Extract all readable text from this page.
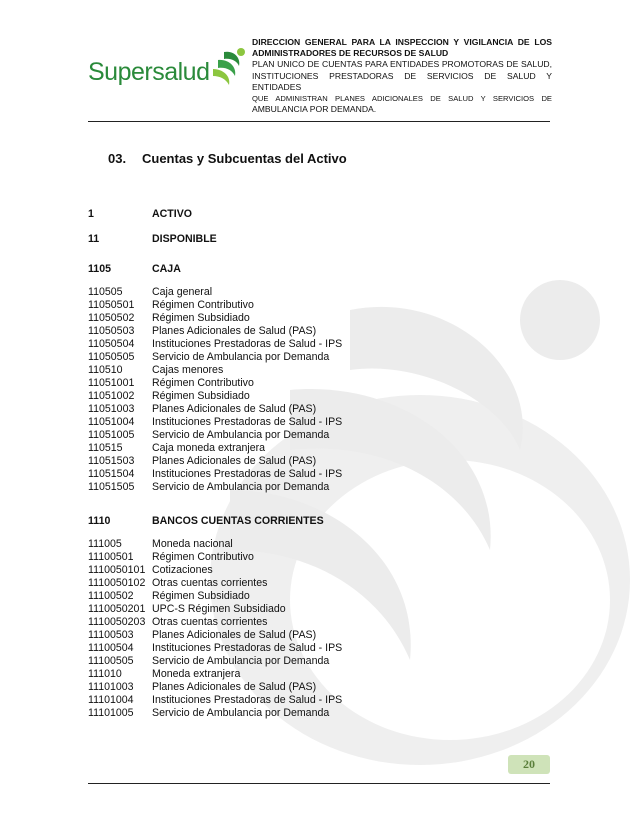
Supersalud
DIRECCION GENERAL PARA LA INSPECCION Y VIGILANCIA DE LOS
ADMINISTRADORES DE RECURSOS DE SALUD
PLAN UNICO DE CUENTAS PARA ENTIDADES PROMOTORAS DE SALUD,
INSTITUCIONES PRESTADORAS DE SERVICIOS DE SALUD Y ENTIDADES
QUE ADMINISTRAN PLANES ADICIONALES DE SALUD Y SERVICIOS DE
AMBULANCIA POR DEMANDA.
03. Cuentas y Subcuentas del Activo
1	ACTIVO
11	DISPONIBLE
1105	CAJA
110505	Caja general
11050501 Régimen Contributivo
11050502 Régimen Subsidiado
11050503 Planes Adicionales de Salud (PAS)
11050504 Instituciones Prestadoras de Salud - IPS
11050505 Servicio de Ambulancia por Demanda
110510	Cajas menores
11051001 Régimen Contributivo
11051002 Régimen Subsidiado
11051003 Planes Adicionales de Salud (PAS)
11051004 Instituciones Prestadoras de Salud - IPS
11051005 Servicio de Ambulancia por Demanda
110515	Caja moneda extranjera
11051503 Planes Adicionales de Salud (PAS)
11051504 Instituciones Prestadoras de Salud - IPS
11051505 Servicio de Ambulancia por Demanda
1110	BANCOS CUENTAS CORRIENTES
111005	Moneda nacional
11100501 Régimen Contributivo
1110050101 Cotizaciones
1110050102 Otras cuentas corrientes
11100502 Régimen Subsidiado
1110050201 UPC-S Régimen Subsidiado
1110050203 Otras cuentas corrientes
11100503 Planes Adicionales de Salud (PAS)
11100504 Instituciones Prestadoras de Salud - IPS
11100505 Servicio de Ambulancia por Demanda
111010	Moneda extranjera
11101003 Planes Adicionales de Salud (PAS)
11101004 Instituciones Prestadoras de Salud - IPS
11101005 Servicio de Ambulancia por Demanda
20
